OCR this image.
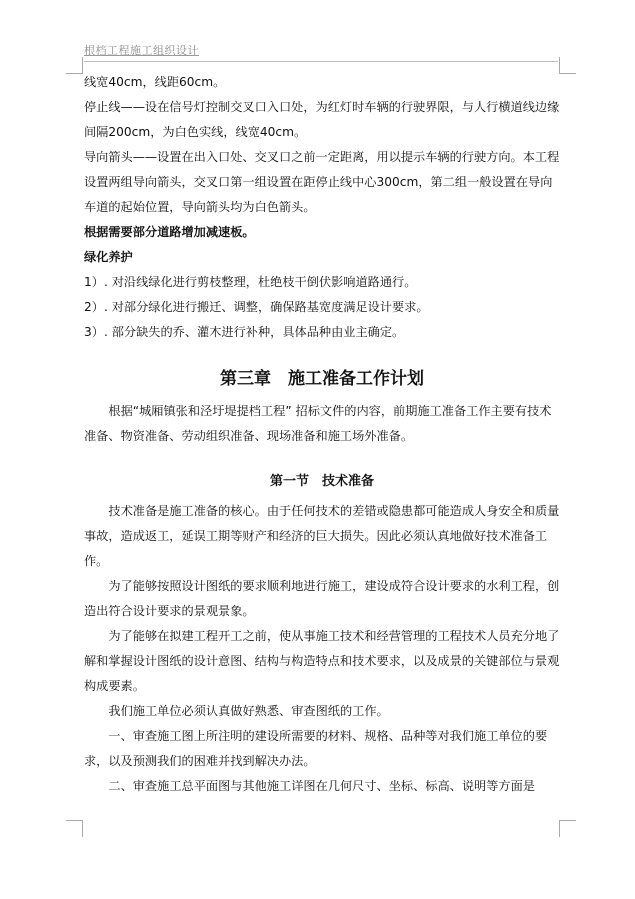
根档工程施工组织设计

线宽40cm，线距60cm。

停止线——设在信号灯控制交叉口入口处，为红灯时车辆的行驶界限，与人行横道线边缘间隔200cm，为白色实线，线宽40cm。

导向箭头——设置在出入口处、交叉口之前一定距离，用以提示车辆的行驶方向。本工程设置两组导向箭头，交叉口第一组设置在距停止线中心300cm，第二组一般设置在导向车道的起始位置，导向箭头均为白色箭头。

根据需要部分道路增加减速板。

绿化养护

1）. 对沿线绿化进行剪枝整理，杜绝枝干倒伏影响道路通行。

2）. 对部分绿化进行搬迁、调整，确保路基宽度满足设计要求。

3）. 部分缺失的乔、灌木进行补种，具体品种由业主确定。

第三章　施工准备工作计划

根据“城厢镇张和泾圩堤提档工程” 招标文件的内容，前期施工准备工作主要有技术准备、物资准备、劳动组织准备、现场准备和施工场外准备。

第一节　技术准备

技术准备是施工准备的核心。由于任何技术的差错或隐患都可能造成人身安全和质量事故，造成返工，延误工期等财产和经济的巨大损失。因此必须认真地做好技术准备工作。

为了能够按照设计图纸的要求顺利地进行施工，建设成符合设计要求的水利工程，创造出符合设计要求的景观景象。

为了能够在拟建工程开工之前，使从事施工技术和经营管理的工程技术人员充分地了解和掌握设计图纸的设计意图、结构与构造特点和技术要求，以及成景的关键部位与景观构成要素。

我们施工单位必须认真做好熟悉、审查图纸的工作。

一、审查施工图上所注明的建设所需要的材料、规格、品种等对我们施工单位的要求，以及预测我们的困难并找到解决办法。

二、审查施工总平面图与其他施工详图在几何尺寸、坐标、标高、说明等方面是
